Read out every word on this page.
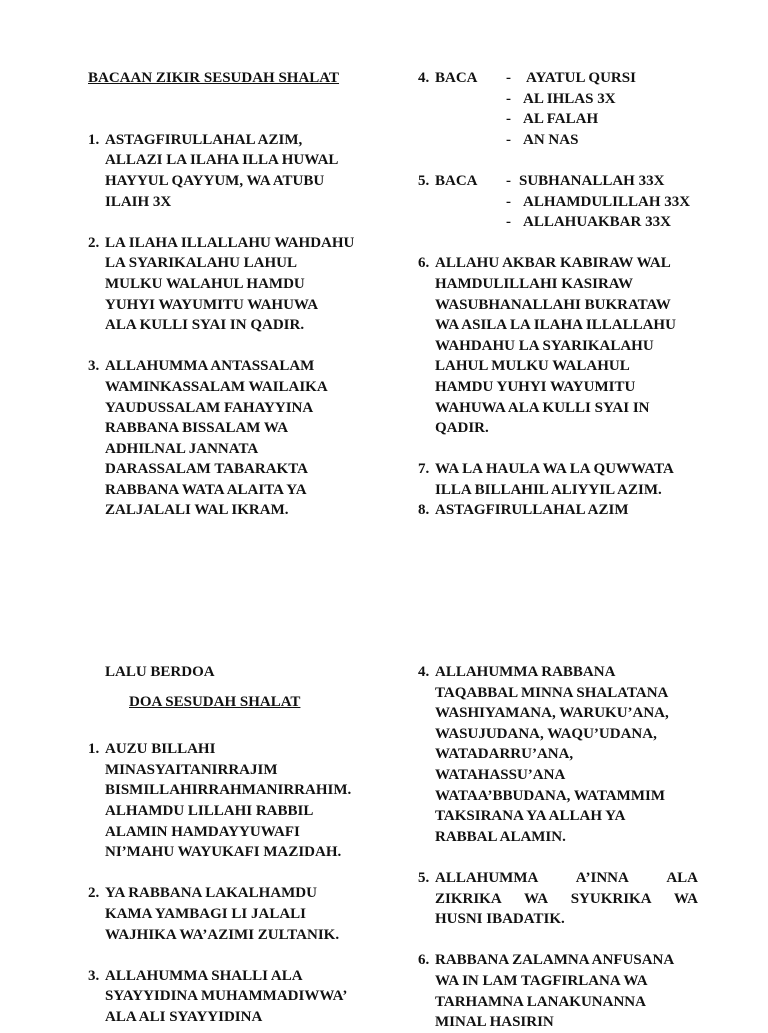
BACAAN ZIKIR SESUDAH SHALAT
1. ASTAGFIRULLAHAL AZIM,
ALLAZI LA ILAHA ILLA HUWAL
HAYYUL QAYYUM, WA ATUBU
ILAIH 3X
2. LA ILAHA ILLALLAHU WAHDAHU
LA SYARIKALAHU LAHUL
MULKU WALAHUL HAMDU
YUHYI WAYUMITU WAHUWA
ALA KULLI SYAI IN QADIR.
3. ALLAHUMMA ANTASSALAM
WAMINKASSALAM WAILAIKA
YAUDUSSALAM FAHAYYINA
RABBANA BISSALAM WA
ADHILNAL JANNATA
DARASSALAM TABARAKTA
RABBANA WATA ALAITA YA
ZALJALALI WAL IKRAM.
4. BACA	- AYATUL QURSI
- AL IHLAS 3X
- AL FALAH
- AN NAS
5. BACA	- SUBHANALLAH 33X
- ALHAMDULILLAH 33X
- ALLAHUAKBAR 33X
6. ALLAHU AKBAR KABIRAW WAL
HAMDULILLAHI KASIRAW
WASUBHANALLAHI BUKRATAW
WA ASILA LA ILAHA ILLALLAHU
WAHDAHU LA SYARIKALAHU
LAHUL MULKU WALAHUL
HAMDU YUHYI WAYUMITU
WAHUWA ALA KULLI SYAI IN
QADIR.
7. WA LA HAULA WA LA QUWWATA
ILLA BILLAHIL ALIYYIL AZIM.
8. ASTAGFIRULLAHAL AZIM
LALU BERDOA
DOA SESUDAH SHALAT
1. AUZU BILLAHI
MINASYAITANIRRAJIM
BISMILLAHIRRAHMANIRRAHIM.
ALHAMDU LILLAHI RABBIL
ALAMIN HAMDAYYUWAFI
NI’MAHU WAYUKAFI MAZIDAH.
2. YA RABBANA LAKALHAMDU
KAMA YAMBAGI LI JALALI
WAJHIKA WA’AZIMI ZULTANIK.
3. ALLAHUMMA SHALLI ALA
SYAYYIDINA MUHAMMADIWWA’
ALA ALI SYAYYIDINA
4. ALLAHUMMA RABBANA
TAQABBAL MINNA SHALATANA
WASHIYAMANA, WARUKU’ANA,
WASUJUDANA, WAQU’UDANA,
WATADARRU’ANA,
WATAHASSU’ANA
WATAA’BBUDANA, WATAMMIM
TAKSIRANA YA ALLAH YA
RABBAL ALAMIN.
5. ALLAHUMMA A’INNA ALA
ZIKRIKA WA SYUKRIKA WA
HUSNI IBADATIK.
6. RABBANA ZALAMNA ANFUSANA
WA IN LAM TAGFIRLANA WA
TARHAMNA LANAKUNANNA
MINAL HASIRIN
